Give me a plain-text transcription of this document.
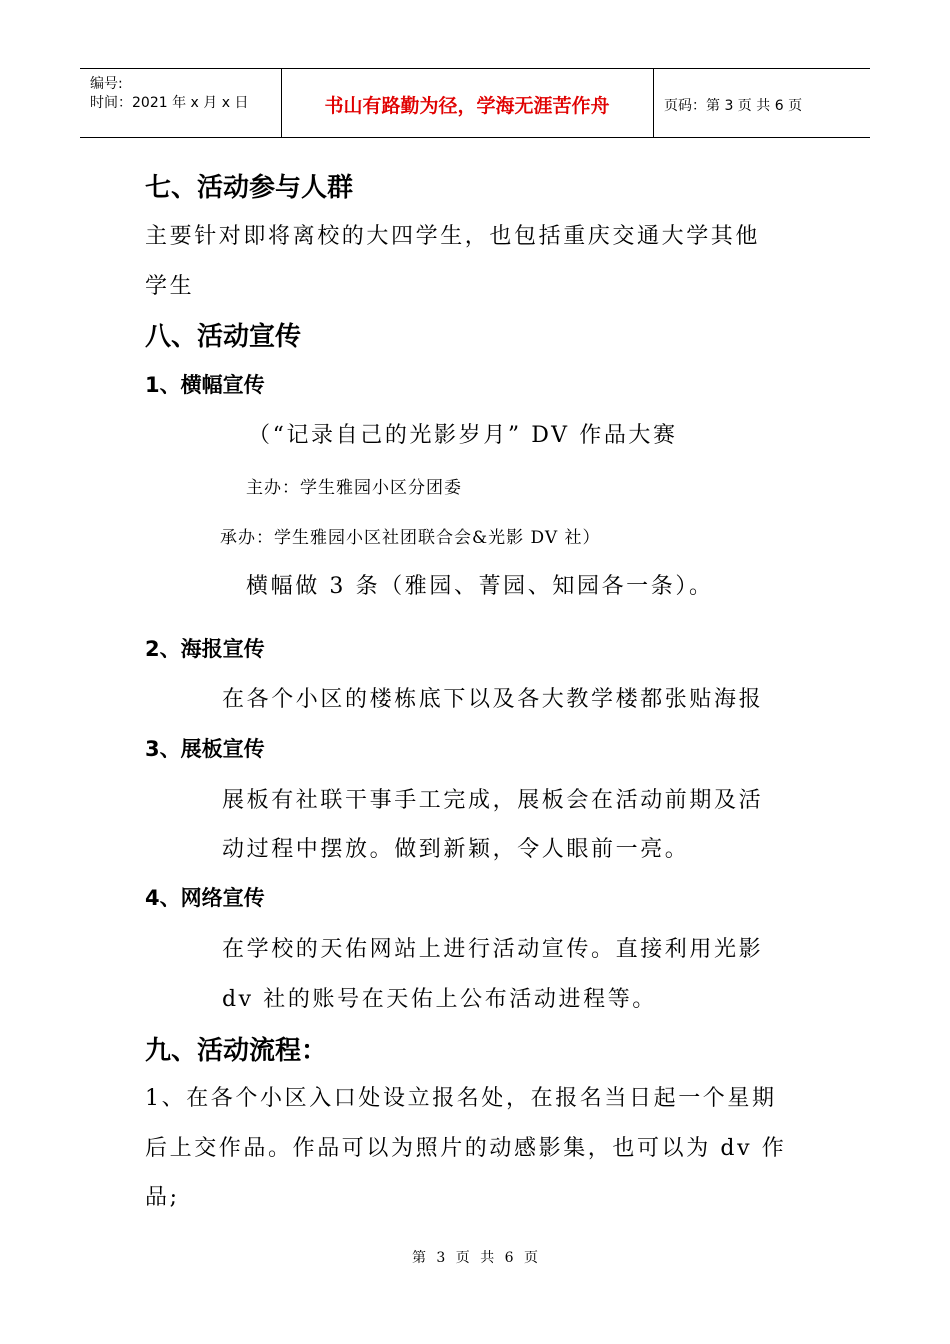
编号:
时间：2021 年 x 月 x 日	书山有路勤为径，学海无涯苦作舟	页码：第 3 页 共 6 页
七、活动参与人群
主要针对即将离校的大四学生，也包括重庆交通大学其他
学生
八、活动宣传
1、横幅宣传
（“记录自己的光影岁月” DV 作品大赛
主办：学生雅园小区分团委
承办：学生雅园小区社团联合会&光影 DV 社）
横幅做 3 条（雅园、菁园、知园各一条）。
2、海报宣传
在各个小区的楼栋底下以及各大教学楼都张贴海报
3、展板宣传
展板有社联干事手工完成，展板会在活动前期及活
动过程中摆放。做到新颖，令人眼前一亮。
4、网络宣传
在学校的天佑网站上进行活动宣传。直接利用光影
dv 社的账号在天佑上公布活动进程等。
九、活动流程：
1、在各个小区入口处设立报名处，在报名当日起一个星期
后上交作品。作品可以为照片的动感影集，也可以为 dv 作
品;
第 3 页 共 6 页
